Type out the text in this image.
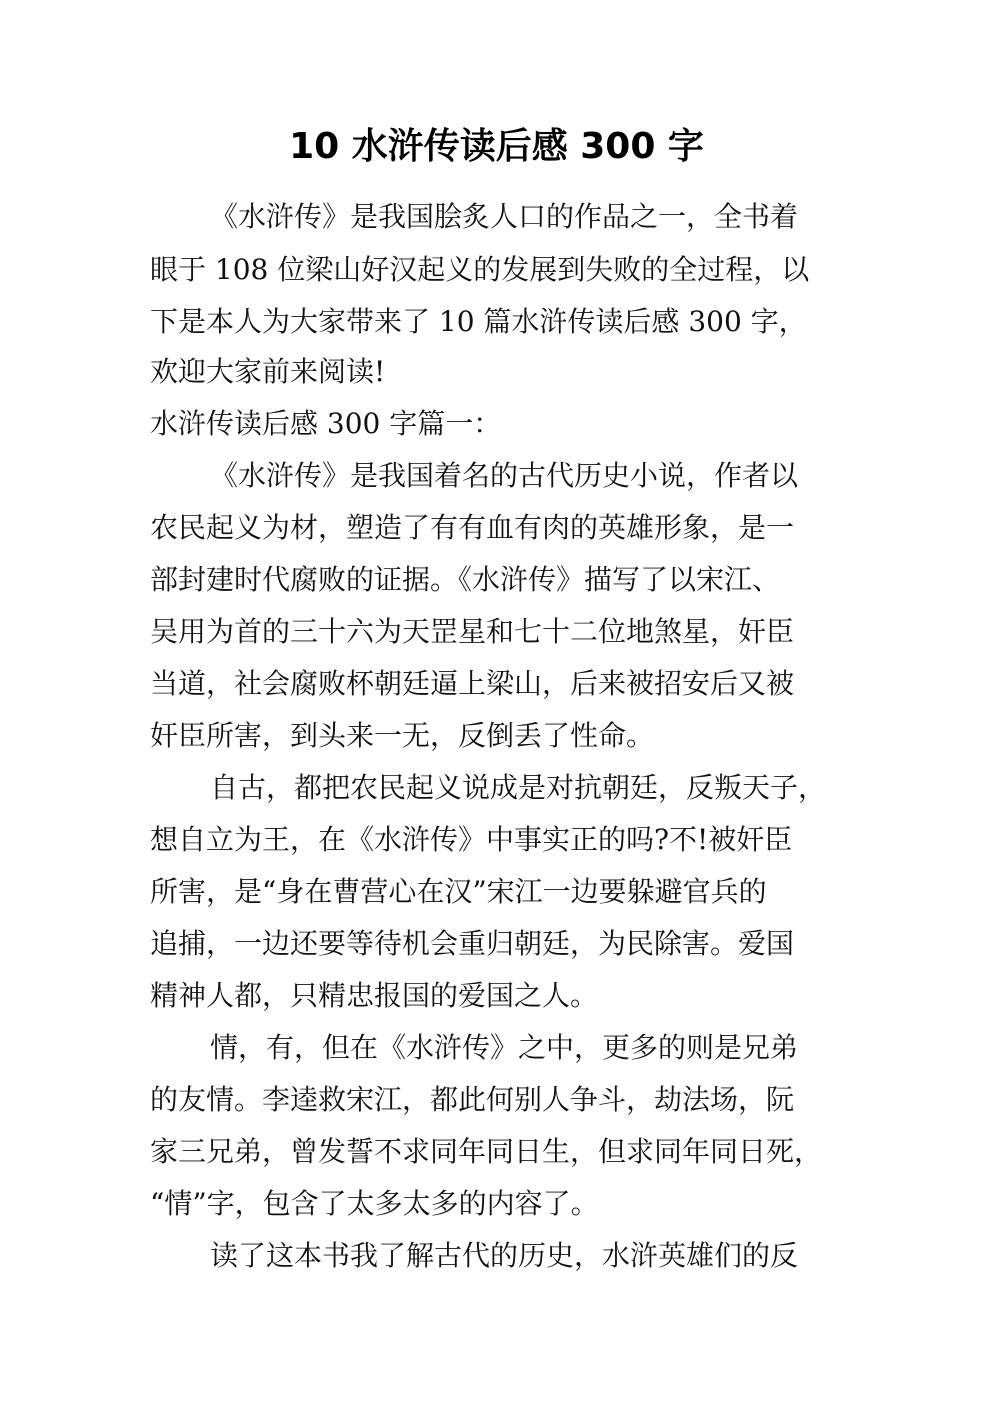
10 水浒传读后感 300 字
《水浒传》是我国脍炙人口的作品之一，全书着
眼于 108 位梁山好汉起义的发展到失败的全过程，以
下是本人为大家带来了 10 篇水浒传读后感 300 字，
欢迎大家前来阅读!
水浒传读后感 300 字篇一：
《水浒传》是我国着名的古代历史小说，作者以
农民起义为材，塑造了有有血有肉的英雄形象，是一
部封建时代腐败的证据。《水浒传》描写了以宋江、
吴用为首的三十六为天罡星和七十二位地煞星，奸臣
当道，社会腐败杯朝廷逼上梁山，后来被招安后又被
奸臣所害，到头来一无，反倒丢了性命。
自古，都把农民起义说成是对抗朝廷，反叛天子，
想自立为王，在《水浒传》中事实正的吗?不!被奸臣
所害，是“身在曹营心在汉”宋江一边要躲避官兵的
追捕，一边还要等待机会重归朝廷，为民除害。爱国
精神人都，只精忠报国的爱国之人。
情，有，但在《水浒传》之中，更多的则是兄弟
的友情。李逵救宋江，都此何别人争斗，劫法场，阮
家三兄弟，曾发誓不求同年同日生，但求同年同日死，
“情”字，包含了太多太多的内容了。
读了这本书我了解古代的历史，水浒英雄们的反
